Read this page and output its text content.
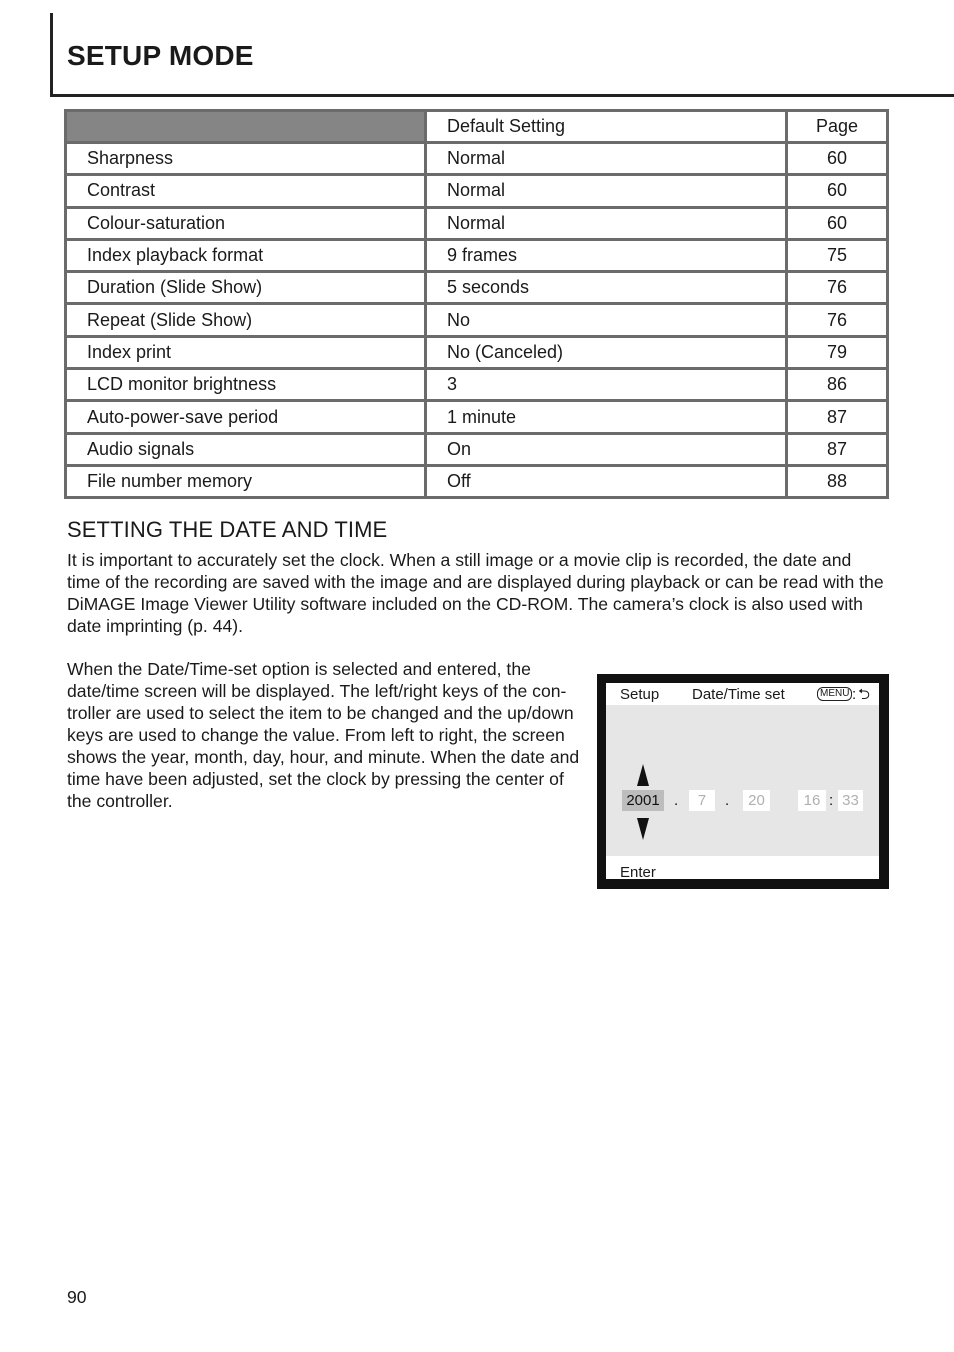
SETUP MODE
	Default Setting	Page
Sharpness	Normal	60
Contrast	Normal	60
Colour-saturation	Normal	60
Index playback format	9 frames	75
Duration (Slide Show)	5 seconds	76
Repeat (Slide Show)	No	76
Index print	No (Canceled)	79
LCD monitor brightness	3	86
Auto-power-save period	1 minute	87
Audio signals	On	87
File number memory	Off	88
SETTING THE DATE AND TIME

It is important to accurately set the clock. When a still image or a movie clip is recorded, the date and time of the recording are saved with the image and are displayed during playback or can be read with the DiMAGE Image Viewer Utility software included on the CD-ROM. The camera’s clock is also used with date imprinting (p. 44).

When the Date/Time-set option is selected and entered, the date/time screen will be displayed. The left/right keys of the con-troller are used to select the item to be changed and the up/down keys are used to change the value. From left to right, the screen shows the year, month, day, hour, and minute. When the date and time have been adjusted, set the clock by pressing the center of the controller.

Setup Date/Time set	MENU : ⮌
2001 .	7	.	20	16 : 33
Enter
90
